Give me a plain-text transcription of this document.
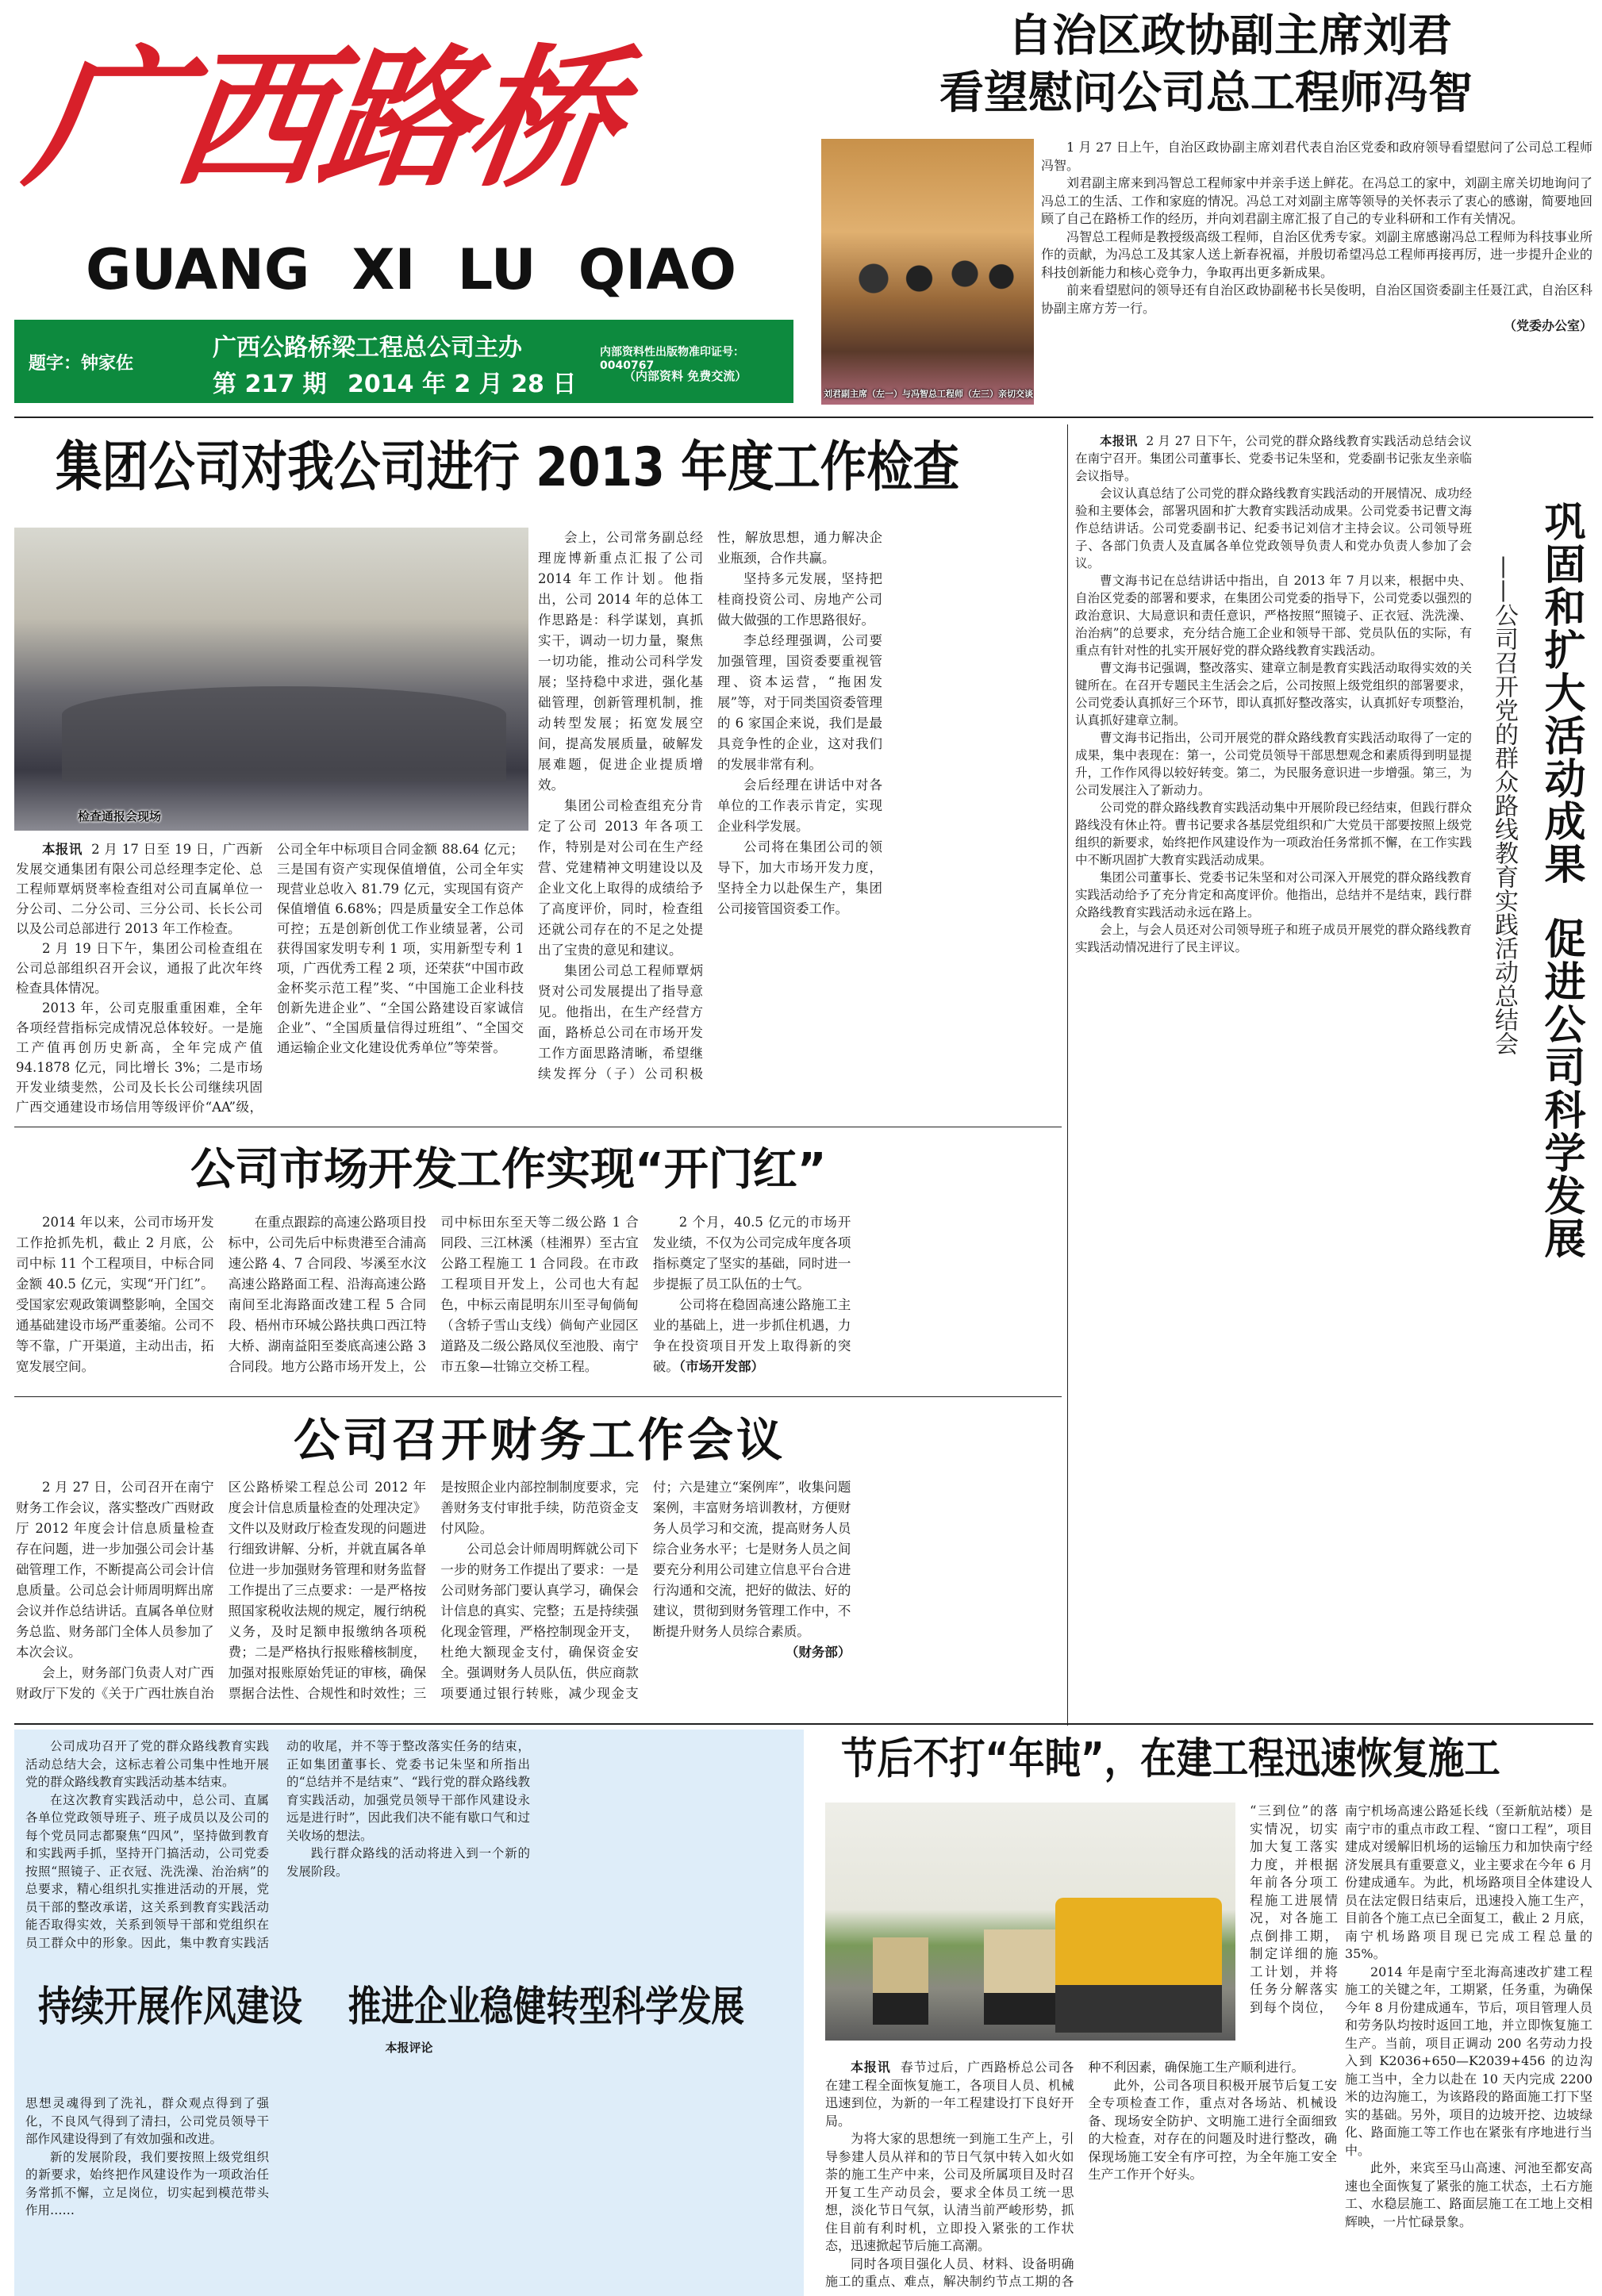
广西路桥
GUANG XI LU QIAO
题字：钟家佐
广西公路桥梁工程总公司主办
第 217 期 2014 年 2 月 28 日
内部资料性出版物准印证号：0040767
（内部资料 免费交流）
自治区政协副主席刘君
看望慰问公司总工程师冯智
刘君副主席（左一）与冯智总工程师（左三）亲切交谈

1 月 27 日上午，自治区政协副主席刘君代表自治区党委和政府领导看望慰问了公司总工程师冯智。

刘君副主席来到冯智总工程师家中并亲手送上鲜花。在冯总工的家中，刘副主席关切地询问了冯总工的生活、工作和家庭的情况。冯总工对刘副主席等领导的关怀表示了衷心的感谢，简要地回顾了自己在路桥工作的经历，并向刘君副主席汇报了自己的专业科研和工作有关情况。

冯智总工程师是教授级高级工程师，自治区优秀专家。刘副主席感谢冯总工程师为科技事业所作的贡献，为冯总工及其家人送上新春祝福，并殷切希望冯总工程师再接再厉，进一步提升企业的科技创新能力和核心竞争力，争取再出更多新成果。

前来看望慰问的领导还有自治区政协副秘书长吴俊明，自治区国资委副主任聂江武，自治区科协副主席方芳一行。

（党委办公室）

集团公司对我公司进行 2013 年度工作检查
检查通报会现场

本报讯 2 月 17 日至 19 日，广西新发展交通集团有限公司总经理李定伦、总工程师覃炳贤率检查组对公司直属单位一分公司、二分公司、三分公司、长长公司以及公司总部进行 2013 年工作检查。

2 月 19 日下午，集团公司检查组在公司总部组织召开会议，通报了此次年终检查具体情况。

2013 年，公司克服重重困难，全年各项经营指标完成情况总体较好。一是施工产值再创历史新高，全年完成产值 94.1878 亿元，同比增长 3%；二是市场开发业绩斐然，公司及长长公司继续巩固广西交通建设市场信用等级评价“AA”级，公司全年中标项目合同金额 88.64 亿元；三是国有资产实现保值增值，公司全年实现营业总收入 81.79 亿元，实现国有资产保值增值 6.68%；四是质量安全工作总体可控；五是创新创优工作业绩显著，公司获得国家发明专利 1 项，实用新型专利 1 项，广西优秀工程 2 项，还荣获“中国市政金杯奖示范工程”奖、“中国施工企业科技创新先进企业”、“全国公路建设百家诚信企业”、“全国质量信得过班组”、“全国交通运输企业文化建设优秀单位”等荣誉。

会上，公司常务副总经理庞博新重点汇报了公司 2014 年工作计划。他指出，公司 2014 年的总体工作思路是：科学谋划，真抓实干，调动一切力量，聚焦一切功能，推动公司科学发展；坚持稳中求进，强化基础管理，创新管理机制，推动转型发展；拓宽发展空间，提高发展质量，破解发展难题，促进企业提质增效。

集团公司检查组充分肯定了公司 2013 年各项工作，特别是对公司在生产经营、党建精神文明建设以及企业文化上取得的成绩给予了高度评价，同时，检查组还就公司存在的不足之处提出了宝贵的意见和建议。

集团公司总工程师覃炳贤对公司发展提出了指导意见。他指出，在生产经营方面，路桥总公司在市场开发工作方面思路清晰，希望继续发挥分（子）公司积极性，解放思想，通力解决企业瓶颈，合作共赢。

坚持多元发展，坚持把桂商投资公司、房地产公司做大做强的工作思路很好。

李总经理强调，公司要加强管理，国资委要重视管理、资本运营，“拖困发展”等，对于同类国资委管理的 6 家国企来说，我们是最具竞争性的企业，这对我们的发展非常有利。

会后经理在讲话中对各单位的工作表示肯定，实现企业科学发展。

公司将在集团公司的领导下，加大市场开发力度，坚持全力以赴保生产，集团公司接管国资委工作。

本报讯 2 月 27 日下午，公司党的群众路线教育实践活动总结会议在南宁召开。集团公司董事长、党委书记朱坚和，党委副书记张友坐亲临会议指导。

会议认真总结了公司党的群众路线教育实践活动的开展情况、成功经验和主要体会，部署巩固和扩大教育实践活动成果。公司党委书记曹文海作总结讲话。公司党委副书记、纪委书记刘信才主持会议。公司领导班子、各部门负责人及直属各单位党政领导负责人和党办负责人参加了会议。

曹文海书记在总结讲话中指出，自 2013 年 7 月以来，根据中央、自治区党委的部署和要求，在集团公司党委的指导下，公司党委以强烈的政治意识、大局意识和责任意识，严格按照“照镜子、正衣冠、洗洗澡、治治病”的总要求，充分结合施工企业和领导干部、党员队伍的实际，有重点有针对性的扎实开展好党的群众路线教育实践活动。

曹文海书记强调，整改落实、建章立制是教育实践活动取得实效的关键所在。在召开专题民主生活会之后，公司按照上级党组织的部署要求，公司党委认真抓好三个环节，即认真抓好整改落实，认真抓好专项整治，认真抓好建章立制。

曹文海书记指出，公司开展党的群众路线教育实践活动取得了一定的成果，集中表现在：第一，公司党员领导干部思想观念和素质得到明显提升，工作作风得以较好转变。第二，为民服务意识进一步增强。第三，为公司发展注入了新动力。

公司党的群众路线教育实践活动集中开展阶段已经结束，但践行群众路线没有休止符。曹书记要求各基层党组织和广大党员干部要按照上级党组织的新要求，始终把作风建设作为一项政治任务常抓不懈，在工作实践中不断巩固扩大教育实践活动成果。

集团公司董事长、党委书记朱坚和对公司深入开展党的群众路线教育实践活动给予了充分肯定和高度评价。他指出，总结并不是结束，践行群众路线教育实践活动永远在路上。

会上，与会人员还对公司领导班子和班子成员开展党的群众路线教育实践活动情况进行了民主评议。	——公司召开党的群众路线教育实践活动总结会 巩固和扩大活动成果  促进公司科学发展
公司市场开发工作实现“开门红”

2014 年以来，公司市场开发工作抢抓先机，截止 2 月底，公司中标 11 个工程项目，中标合同金额 40.5 亿元，实现“开门红”。受国家宏观政策调整影响，全国交通基础建设市场严重萎缩。公司不等不靠，广开渠道，主动出击，拓宽发展空间。

在重点跟踪的高速公路项目投标中，公司先后中标贵港至合浦高速公路 4、7 合同段、岑溪至水汶高速公路路面工程、沿海高速公路南间至北海路面改建工程 5 合同段、梧州市环城公路扶典口西江特大桥、湖南益阳至娄底高速公路 3 合同段。地方公路市场开发上，公司中标田东至天等二级公路 1 合同段、三江林溪（桂湘界）至古宜公路工程施工 1 合同段。在市政工程项目开发上，公司也大有起色，中标云南昆明东川至寻甸倘甸（含轿子雪山支线）倘甸产业园区道路及二级公路凤仪至池股、南宁市五象—壮锦立交桥工程。

2 个月，40.5 亿元的市场开发业绩，不仅为公司完成年度各项指标奠定了坚实的基础，同时进一步提振了员工队伍的士气。

公司将在稳固高速公路施工主业的基础上，进一步抓住机遇，力争在投资项目开发上取得新的突破。（市场开发部）

公司召开财务工作会议

2 月 27 日，公司召开在南宁财务工作会议，落实整改广西财政厅 2012 年度会计信息质量检查存在问题，进一步加强公司会计基础管理工作，不断提高公司会计信息质量。公司总会计师周明辉出席会议并作总结讲话。直属各单位财务总监、财务部门全体人员参加了本次会议。

会上，财务部门负责人对广西财政厅下发的《关于广西壮族自治区公路桥梁工程总公司 2012 年度会计信息质量检查的处理决定》文件以及财政厅检查发现的问题进行细致讲解、分析，并就直属各单位进一步加强财务管理和财务监督工作提出了三点要求：一是严格按照国家税收法规的规定，履行纳税义务，及时足额申报缴纳各项税费；二是严格执行报账稽核制度，加强对报账原始凭证的审核，确保票据合法性、合规性和时效性；三是按照企业内部控制制度要求，完善财务支付审批手续，防范资金支付风险。

公司总会计师周明辉就公司下一步的财务工作提出了要求：一是公司财务部门要认真学习，确保会计信息的真实、完整；五是持续强化现金管理，严格控制现金开支，杜绝大额现金支付，确保资金安全。强调财务人员队伍，供应商款项要通过银行转账，减少现金支付；六是建立“案例库”，收集问题案例，丰富财务培训教材，方便财务人员学习和交流，提高财务人员综合业务水平；七是财务人员之间要充分利用公司建立信息平台合进行沟通和交流，把好的做法、好的建议，贯彻到财务管理工作中，不断提升财务人员综合素质。

（财务部）

公司成功召开了党的群众路线教育实践活动总结大会，这标志着公司集中性地开展党的群众路线教育实践活动基本结束。

在这次教育实践活动中，总公司、直属各单位党政领导班子、班子成员以及公司的每个党员同志都聚焦“四风”，坚持做到教育和实践两手抓，坚持开门搞活动，公司党委按照“照镜子、正衣冠、洗洗澡、治治病”的总要求，精心组织扎实推进活动的开展，党员干部的整改承诺，这关系到教育实践活动能否取得实效，关系到领导干部和党组织在员工群众中的形象。因此，集中教育实践活动的收尾，并不等于整改落实任务的结束，正如集团董事长、党委书记朱坚和所指出的“总结并不是结束”、“践行党的群众路线教育实践活动，加强党员领导干部作风建设永远是进行时”，因此我们决不能有歇口气和过关收场的想法。

践行群众路线的活动将进入到一个新的发展阶段。

持续开展作风建设    推进企业稳健转型科学发展
本报评论

思想灵魂得到了洗礼，群众观点得到了强化，不良风气得到了清扫，公司党员领导干部作风建设得到了有效加强和改进。

新的发展阶段，我们要按照上级党组织的新要求，始终把作风建设作为一项政治任务常抓不懈，立足岗位，切实起到模范带头作用……

节后不打“年盹”，在建工程迅速恢复施工
“三到位”的落实情况，切实加大复工落实力度，并根据年前各分项工程施工进展情况，对各施工点倒排工期，制定详细的施工计划，并将任务分解落实到每个岗位，

本报讯 春节过后，广西路桥总公司各在建工程全面恢复施工，各项目人员、机械迅速到位，为新的一年工程建设打下良好开局。

为将大家的思想统一到施工生产上，引导参建人员从祥和的节日气氛中转入如火如荼的施工生产中来，公司及所属项目及时召开复工生产动员会，要求全体员工统一思想，淡化节日气氛，认清当前严峻形势，抓住目前有利时机，立即投入紧张的工作状态，迅速掀起节后施工高潮。

同时各项目强化人员、材料、设备明确施工的重点、难点，解决制约节点工期的各种不利因素，确保施工生产顺利进行。

此外，公司各项目积极开展节后复工安全专项检查工作，重点对各场站、机械设备、现场安全防护、文明施工进行全面细致的大检查，对存在的问题及时进行整改，确保现场施工安全有序可控，为全年施工安全生产工作开个好头。

南宁机场高速公路延长线（至新航站楼）是南宁市的重点市政工程、“窗口工程”，项目建成对缓解旧机场的运输压力和加快南宁经济发展具有重要意义，业主要求在今年 6 月份建成通车。为此，机场路项目全体建设人员在法定假日结束后，迅速投入施工生产，目前各个施工点已全面复工，截止 2 月底，南宁机场路项目现已完成工程总量的 35%。

2014 年是南宁至北海高速改扩建工程施工的关键之年，工期紧，任务重，为确保今年 8 月份建成通车，节后，项目管理人员和劳务队均按时返回工地，并立即恢复施工生产。当前，项目正调动 200 名劳动力投入到 K2036+650—K2039+456 的边沟施工当中，全力以赴在 10 天内完成 2200 米的边沟施工，为该路段的路面施工打下坚实的基础。另外，项目的边坡开挖、边坡绿化、路面施工等工作也在紧张有序地进行当中。

此外，来宾至马山高速、河池至都安高速也全面恢复了紧张的施工状态，土石方施工、水稳层施工、路面层施工在工地上交相辉映，一片忙碌景象。
